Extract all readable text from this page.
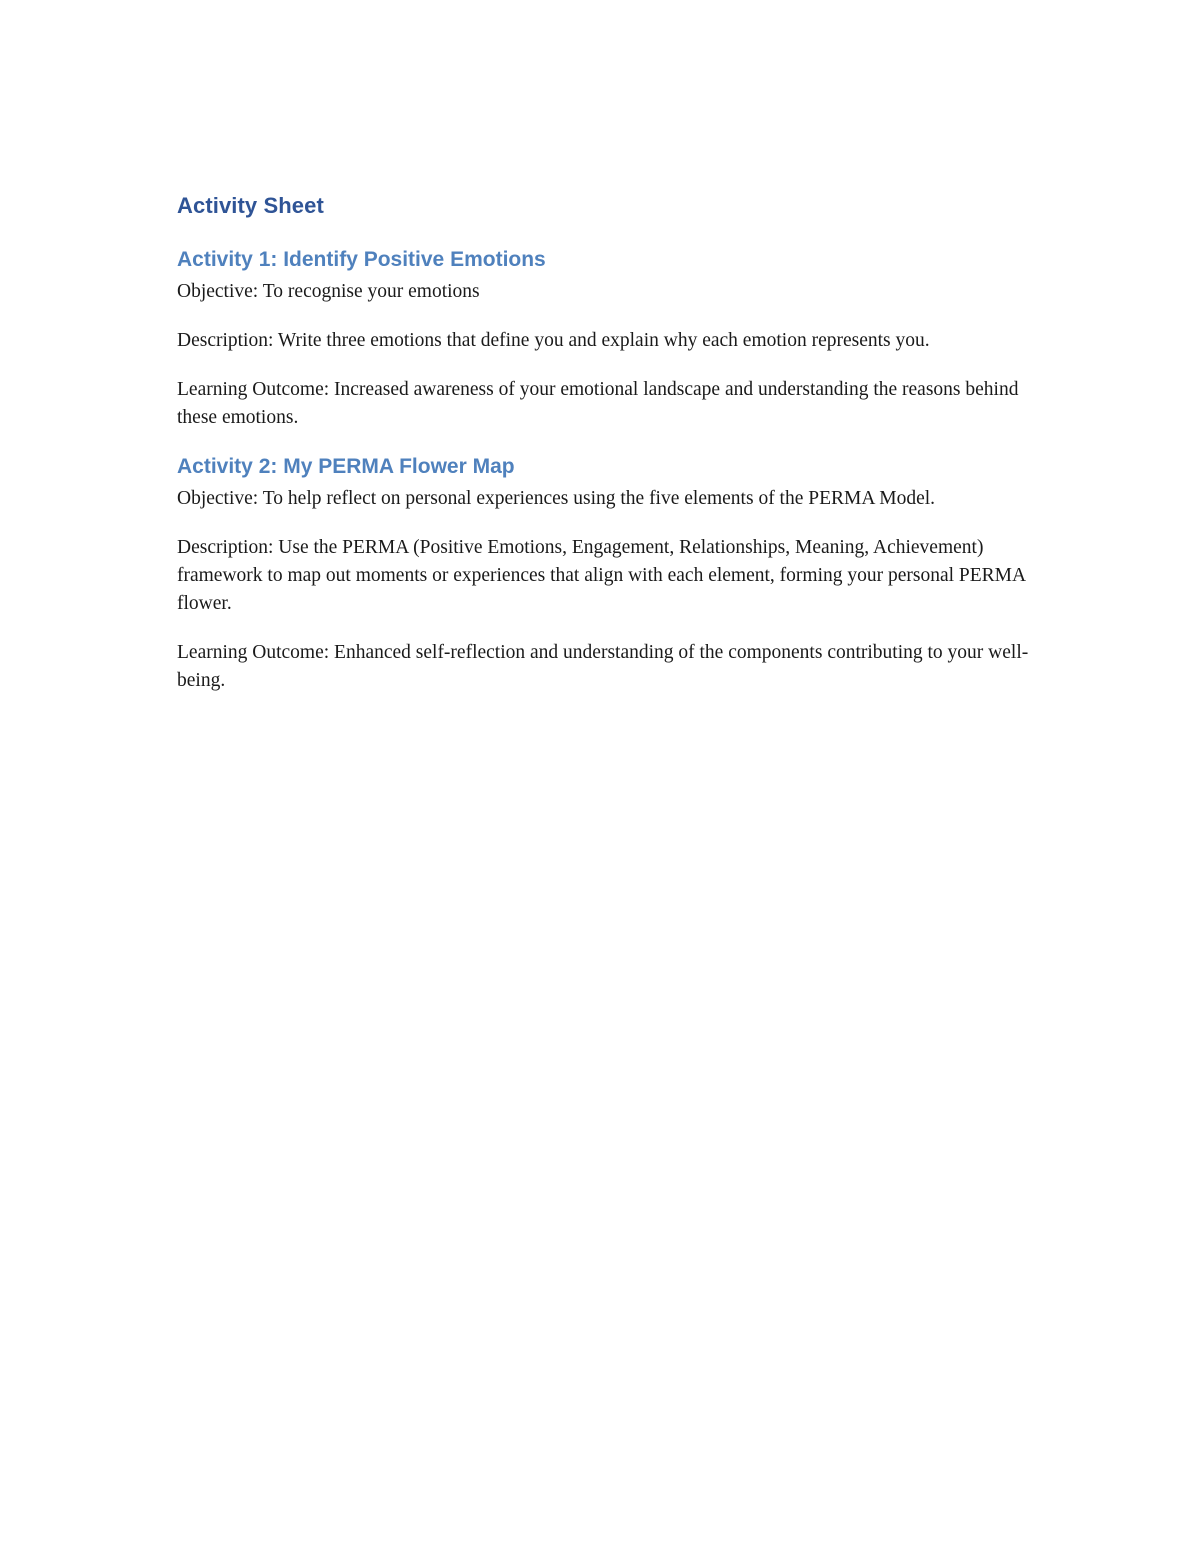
Activity Sheet
Activity 1: Identify Positive Emotions

Objective: To recognise your emotions

Description: Write three emotions that define you and explain why each emotion represents you.

Learning Outcome: Increased awareness of your emotional landscape and understanding the reasons behind these emotions.

Activity 2: My PERMA Flower Map

Objective: To help reflect on personal experiences using the five elements of the PERMA Model.

Description: Use the PERMA (Positive Emotions, Engagement, Relationships, Meaning, Achievement) framework to map out moments or experiences that align with each element, forming your personal PERMA flower.

Learning Outcome: Enhanced self-reflection and understanding of the components contributing to your well-being.
